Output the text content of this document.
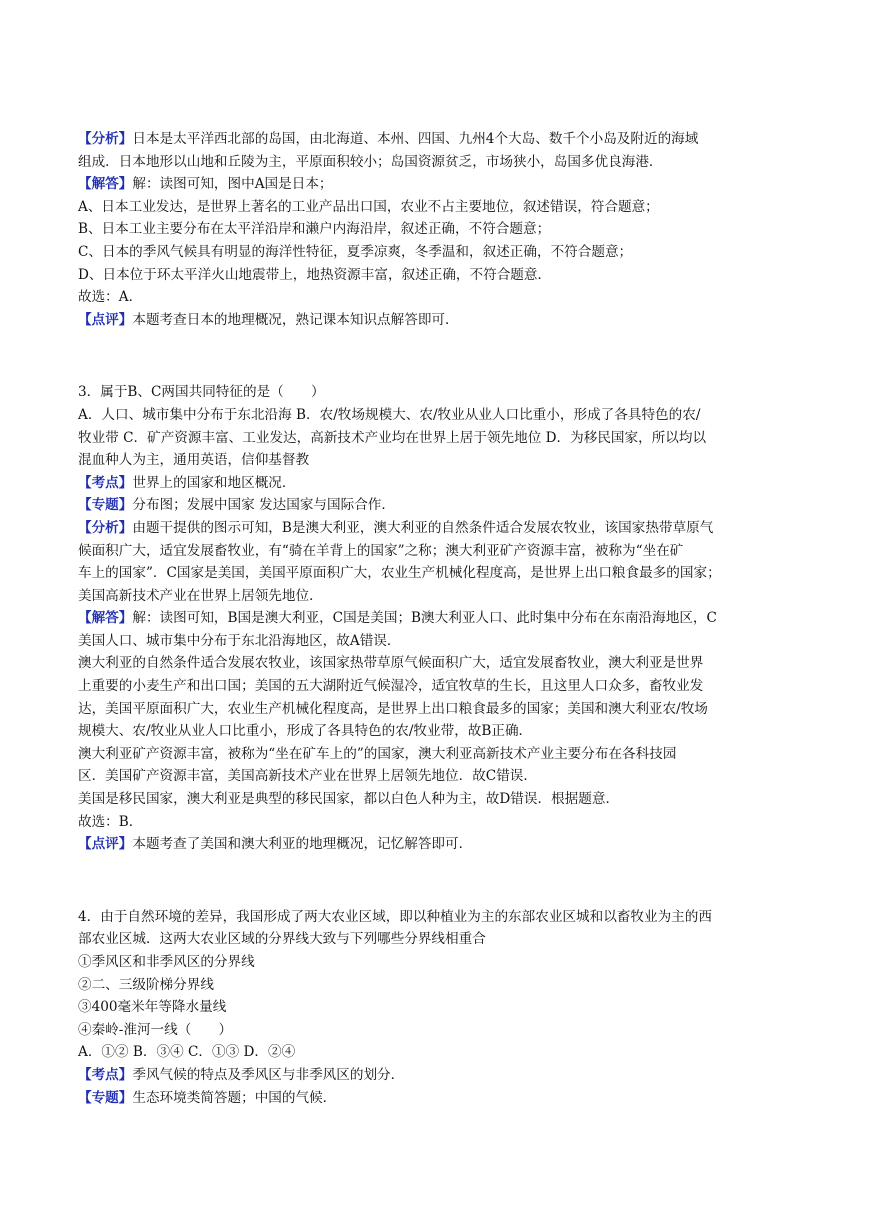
【分析】日本是太平洋西北部的岛国，由北海道、本州、四国、九州4个大岛、数千个小岛及附近的海域
组成．日本地形以山地和丘陵为主，平原面积较小；岛国资源贫乏，市场狭小，岛国多优良海港．
【解答】解：读图可知，图中A国是日本；
A、日本工业发达，是世界上著名的工业产品出口国，农业不占主要地位，叙述错误，符合题意；
B、日本工业主要分布在太平洋沿岸和濑户内海沿岸，叙述正确，不符合题意；
C、日本的季风气候具有明显的海洋性特征，夏季凉爽，冬季温和，叙述正确，不符合题意；
D、日本位于环太平洋火山地震带上，地热资源丰富，叙述正确，不符合题意．
故选：A．
【点评】本题考查日本的地理概况，熟记课本知识点解答即可．
3．属于B、C两国共同特征的是（　　）
A．人口、城市集中分布于东北沿海 B．农/牧场规模大、农/牧业从业人口比重小，形成了各具特色的农/
牧业带 C．矿产资源丰富、工业发达，高新技术产业均在世界上居于领先地位 D．为移民国家，所以均以
混血种人为主，通用英语，信仰基督教
【考点】世界上的国家和地区概况．
【专题】分布图；发展中国家 发达国家与国际合作．
【分析】由题干提供的图示可知，B是澳大利亚，澳大利亚的自然条件适合发展农牧业，该国家热带草原气
候面积广大，适宜发展畜牧业，有“骑在羊背上的国家”之称；澳大利亚矿产资源丰富，被称为“坐在矿
车上的国家”．C国家是美国，美国平原面积广大，农业生产机械化程度高，是世界上出口粮食最多的国家；
美国高新技术产业在世界上居领先地位．
【解答】解：读图可知，B国是澳大利亚，C国是美国；B澳大利亚人口、此时集中分布在东南沿海地区，C
美国人口、城市集中分布于东北沿海地区，故A错误．
澳大利亚的自然条件适合发展农牧业，该国家热带草原气候面积广大，适宜发展畜牧业，澳大利亚是世界
上重要的小麦生产和出口国；美国的五大湖附近气候湿冷，适宜牧草的生长，且这里人口众多，畜牧业发
达，美国平原面积广大，农业生产机械化程度高，是世界上出口粮食最多的国家；美国和澳大利亚农/牧场
规模大、农/牧业从业人口比重小，形成了各具特色的农/牧业带，故B正确．
澳大利亚矿产资源丰富，被称为“坐在矿车上的”的国家，澳大利亚高新技术产业主要分布在各科技园
区．美国矿产资源丰富，美国高新技术产业在世界上居领先地位．故C错误．
美国是移民国家，澳大利亚是典型的移民国家，都以白色人种为主，故D错误．根据题意．
故选：B．
【点评】本题考查了美国和澳大利亚的地理概况，记忆解答即可．
4．由于自然环境的差异，我国形成了两大农业区域，即以种植业为主的东部农业区城和以畜牧业为主的西
部农业区城．这两大农业区域的分界线大致与下列哪些分界线相重合
①季风区和非季风区的分界线
②二、三级阶梯分界线
③400毫米年等降水量线
④秦岭-淮河一线（　　）
A．①② B．③④ C．①③ D．②④
【考点】季风气候的特点及季风区与非季风区的划分．
【专题】生态环境类简答题；中国的气候．
